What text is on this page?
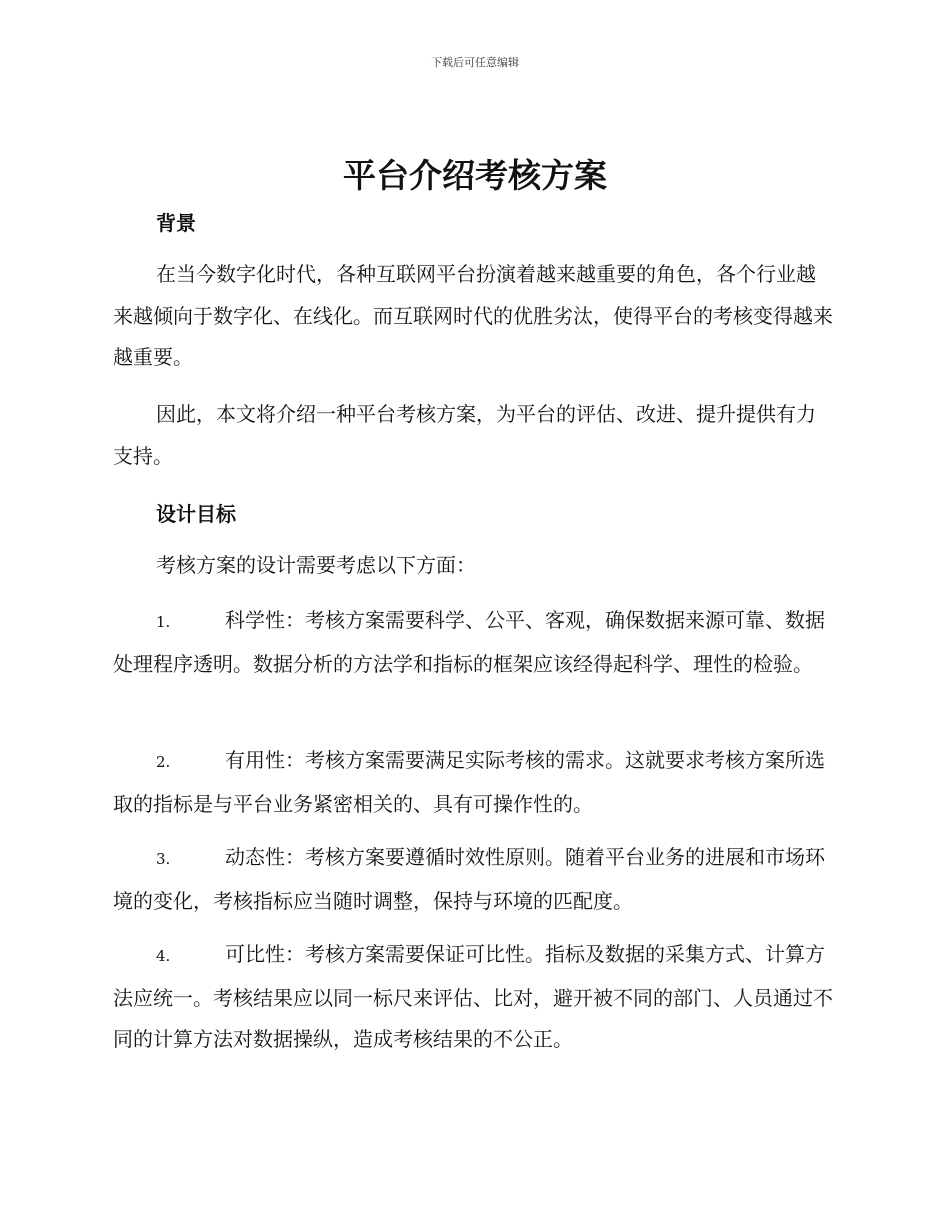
下载后可任意编辑
平台介绍考核方案
背景

在当今数字化时代，各种互联网平台扮演着越来越重要的角色，各个行业越来越倾向于数字化、在线化。而互联网时代的优胜劣汰，使得平台的考核变得越来越重要。

因此，本文将介绍一种平台考核方案，为平台的评估、改进、提升提供有力支持。

设计目标

考核方案的设计需要考虑以下方面：

1.	科学性：考核方案需要科学、公平、客观，确保数据来源可靠、数据处理程序透明。数据分析的方法学和指标的框架应该经得起科学、理性的检验。

2.	有用性：考核方案需要满足实际考核的需求。这就要求考核方案所选取的指标是与平台业务紧密相关的、具有可操作性的。

3.	动态性：考核方案要遵循时效性原则。随着平台业务的进展和市场环境的变化，考核指标应当随时调整，保持与环境的匹配度。

4.	可比性：考核方案需要保证可比性。指标及数据的采集方式、计算方法应统一。考核结果应以同一标尺来评估、比对，避开被不同的部门、人员通过不同的计算方法对数据操纵，造成考核结果的不公正。
